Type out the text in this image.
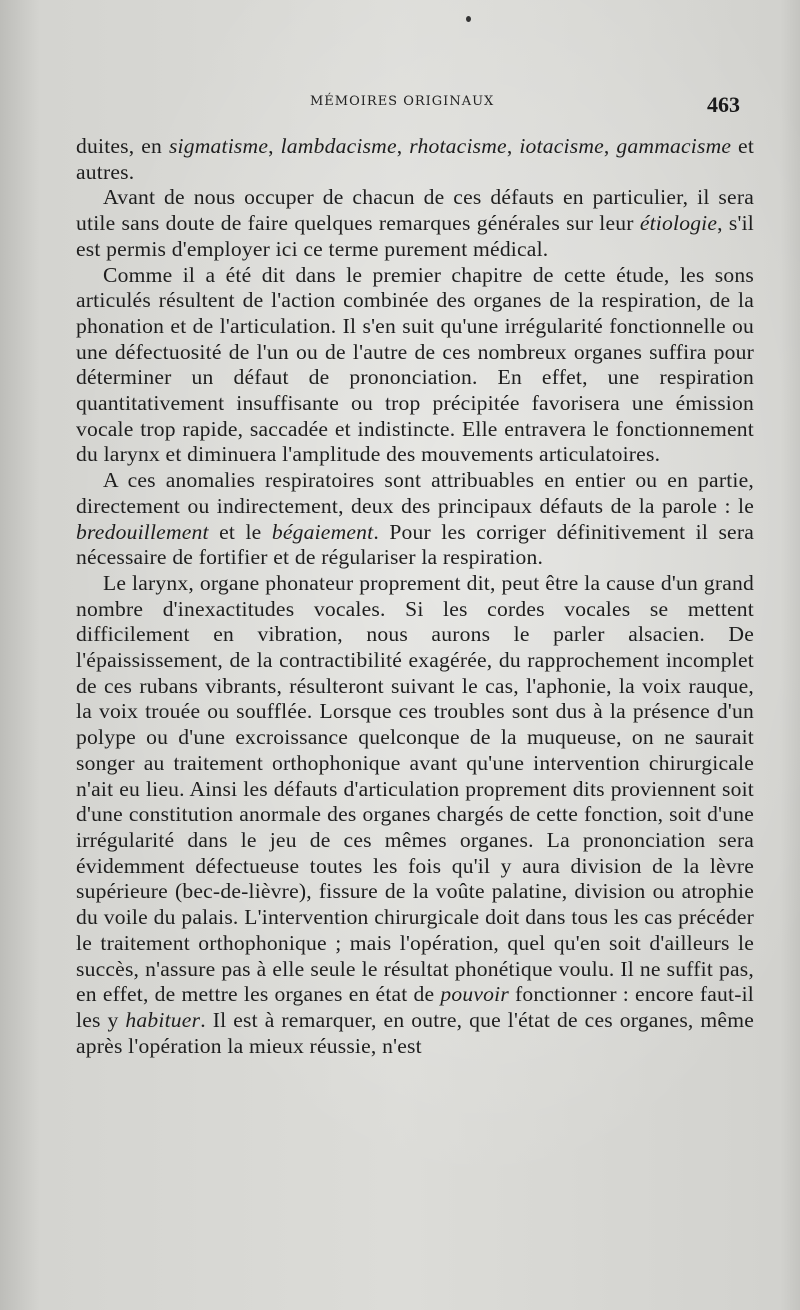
MÉMOIRES ORIGINAUX	463

duites, en sigmatisme, lambdacisme, rhotacisme, iotacisme, gammacisme et autres.

Avant de nous occuper de chacun de ces défauts en particulier, il sera utile sans doute de faire quelques remarques générales sur leur étiologie, s'il est permis d'employer ici ce terme purement médical.

Comme il a été dit dans le premier chapitre de cette étude, les sons articulés résultent de l'action combinée des organes de la respiration, de la phonation et de l'articulation. Il s'en suit qu'une irrégularité fonctionnelle ou une défectuosité de l'un ou de l'autre de ces nombreux organes suffira pour déterminer un défaut de prononciation. En effet, une respiration quantitativement insuffisante ou trop précipitée favorisera une émission vocale trop rapide, saccadée et indistincte. Elle entravera le fonctionnement du larynx et diminuera l'amplitude des mouvements articulatoires.

A ces anomalies respiratoires sont attribuables en entier ou en partie, directement ou indirectement, deux des principaux défauts de la parole : le bredouillement et le bégaiement. Pour les corriger définitivement il sera nécessaire de fortifier et de régulariser la respiration.

Le larynx, organe phonateur proprement dit, peut être la cause d'un grand nombre d'inexactitudes vocales. Si les cordes vocales se mettent difficilement en vibration, nous aurons le parler alsacien. De l'épaississement, de la contractibilité exagérée, du rapprochement incomplet de ces rubans vibrants, résulteront suivant le cas, l'aphonie, la voix rauque, la voix trouée ou soufflée. Lorsque ces troubles sont dus à la présence d'un polype ou d'une excroissance quelconque de la muqueuse, on ne saurait songer au traitement orthophonique avant qu'une intervention chirurgicale n'ait eu lieu. Ainsi les défauts d'articulation proprement dits proviennent soit d'une constitution anormale des organes chargés de cette fonction, soit d'une irrégularité dans le jeu de ces mêmes organes. La prononciation sera évidemment défectueuse toutes les fois qu'il y aura division de la lèvre supérieure (bec-de-lièvre), fissure de la voûte palatine, division ou atrophie du voile du palais. L'intervention chirurgicale doit dans tous les cas précéder le traitement orthophonique ; mais l'opération, quel qu'en soit d'ailleurs le succès, n'assure pas à elle seule le résultat phonétique voulu. Il ne suffit pas, en effet, de mettre les organes en état de pouvoir fonctionner : encore faut-il les y habituer. Il est à remarquer, en outre, que l'état de ces organes, même après l'opération la mieux réussie, n'est
